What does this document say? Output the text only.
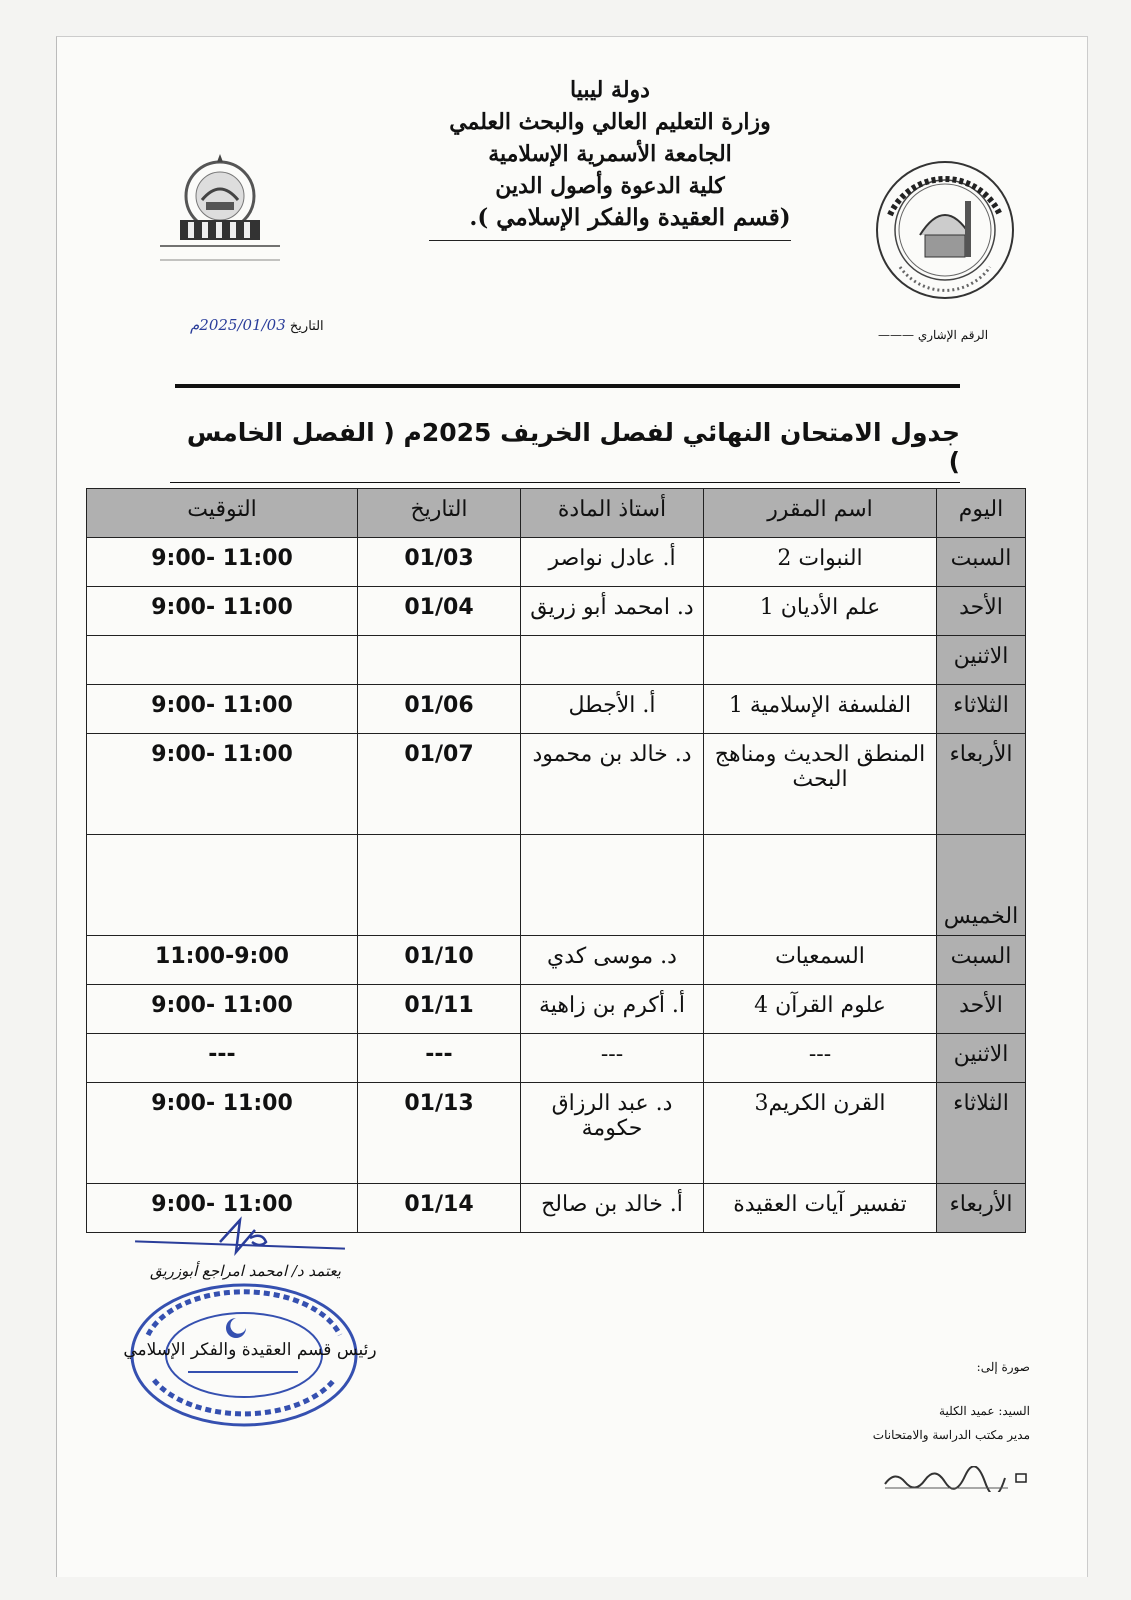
دولة ليبيا
وزارة التعليم العالي والبحث العلمي
الجامعة الأسمرية الإسلامية
كلية الدعوة وأصول الدين
(قسم العقيدة والفكر الإسلامي ).
التاريخ 2025/01/03م
الرقم الإشاري ———
جدول الامتحان النهائي لفصل الخريف 2025م ( الفصل الخامس )
اليوم	اسم المقرر	أستاذ المادة	التاريخ	التوقيت
السبت	النبوات 2	أ. عادل نواصر	01/03	11:00 -9:00
الأحد	علم الأديان 1	د. امحمد أبو زريق	01/04	11:00 -9:00
الاثنين				
الثلاثاء	الفلسفة الإسلامية 1	أ. الأجطل	01/06	11:00 -9:00
الأربعاء	المنطق الحديث ومناهج البحث	د. خالد بن محمود	01/07	11:00 -9:00
الخميس				
السبت	السمعيات	د. موسى كدي	01/10	11:00-9:00
الأحد	علوم القرآن 4	أ. أكرم بن زاهية	01/11	11:00 -9:00
الاثنين	---	---	---	---
الثلاثاء	القرن الكريم3	د. عبد الرزاق حكومة	01/13	11:00 -9:00
الأربعاء	تفسير آيات العقيدة	أ. خالد بن صالح	01/14	11:00 -9:00
يعتمد د/ امحمد امراجع أبوزريق
رئيس قسم العقيدة والفكر الإسلامي
صورة إلى:
السيد: عميد الكلية
مدير مكتب الدراسة والامتحانات
